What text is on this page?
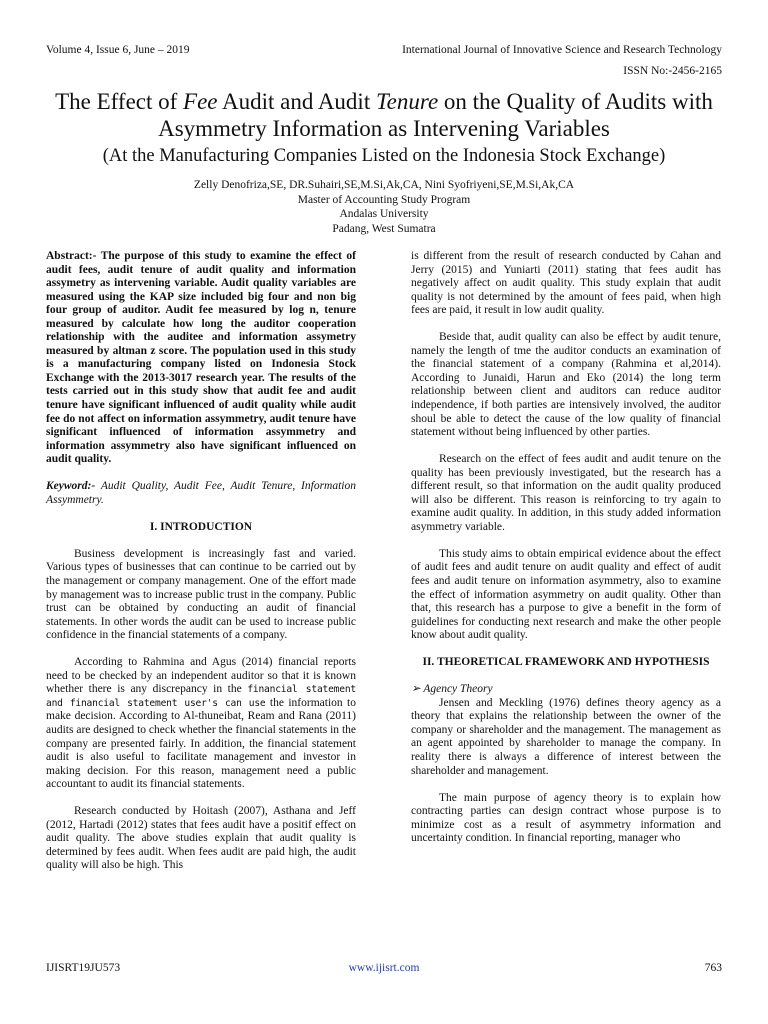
Volume 4, Issue 6, June – 2019	International Journal of Innovative Science and Research Technology
ISSN No:-2456-2165
The Effect of Fee Audit and Audit Tenure on the Quality of Audits with Asymmetry Information as Intervening Variables
(At the Manufacturing Companies Listed on the Indonesia Stock Exchange)
Zelly Denofriza,SE, DR.Suhairi,SE,M.Si,Ak,CA, Nini Syofriyeni,SE,M.Si,Ak,CA
Master of Accounting Study Program
Andalas University
Padang, West Sumatra

Abstract:- The purpose of this study to examine the effect of audit fees, audit tenure of audit quality and information assymetry as intervening variable. Audit quality variables are measured using the KAP size included big four and non big four group of auditor. Audit fee measured by log n, tenure measured by calculate how long the auditor cooperation relationship with the auditee and information assymetry measured by altman z score. The population used in this study is a manufacturing company listed on Indonesia Stock Exchange with the 2013-3017 research year. The results of the tests carried out in this study show that audit fee and audit tenure have significant influenced of audit quality while audit fee do not affect on information assymmetry, audit tenure have significant influenced of information assymmetry and information assymmetry also have significant influenced on audit quality.

Keyword:- Audit Quality, Audit Fee, Audit Tenure, Information Assymmetry.

I. INTRODUCTION

Business development is increasingly fast and varied. Various types of businesses that can continue to be carried out by the management or company management. One of the effort made by management was to increase public trust in the company. Public trust can be obtained by conducting an audit of financial statements. In other words the audit can be used to increase public confidence in the financial statements of a company.

According to Rahmina and Agus (2014) financial reports need to be checked by an independent auditor so that it is known whether there is any discrepancy in the financial statement and financial statement user's can use the information to make decision. According to Al-thuneibat, Ream and Rana (2011) audits are designed to check whether the financial statements in the company are presented fairly. In addition, the financial statement audit is also useful to facilitate management and investor in making decision. For this reason, management need a public accountant to audit its financial statements.

Research conducted by Hoitash (2007), Asthana and Jeff (2012, Hartadi (2012) states that fees audit have a positif effect on audit quality. The above studies explain that audit quality is determined by fees audit. When fees audit are paid high, the audit quality will also be high. This

is different from the result of research conducted by Cahan and Jerry (2015) and Yuniarti (2011) stating that fees audit has negatively affect on audit quality. This study explain that audit quality is not determined by the amount of fees paid, when high fees are paid, it result in low audit quality.

Beside that, audit quality can also be effect by audit tenure, namely the length of tme the auditor conducts an examination of the financial statement of a company (Rahmina et al,2014). According to Junaidi, Harun and Eko (2014) the long term relationship between client and auditors can reduce auditor independence, if both parties are intensively involved, the auditor shoul be able to detect the cause of the low quality of financial statement without being influenced by other parties.

Research on the effect of fees audit and audit tenure on the quality has been previously investigated, but the research has a different result, so that information on the audit quality produced will also be different. This reason is reinforcing to try again to examine audit quality. In addition, in this study added information asymmetry variable.

This study aims to obtain empirical evidence about the effect of audit fees and audit tenure on audit quality and effect of audit fees and audit tenure on information asymmetry, also to examine the effect of information asymmetry on audit quality. Other than that, this research has a purpose to give a benefit in the form of guidelines for conducting next research and make the other people know about audit quality.

II. THEORETICAL FRAMEWORK AND HYPOTHESIS

➢ Agency Theory

Jensen and Meckling (1976) defines theory agency as a theory that explains the relationship between the owner of the company or shareholder and the management. The management as an agent appointed by shareholder to manage the company. In reality there is always a difference of interest between the shareholder and management.

The main purpose of agency theory is to explain how contracting parties can design contract whose purpose is to minimize cost as a result of asymmetry information and uncertainty condition. In financial reporting, manager who

IJISRT19JU573	www.ijisrt.com	763
